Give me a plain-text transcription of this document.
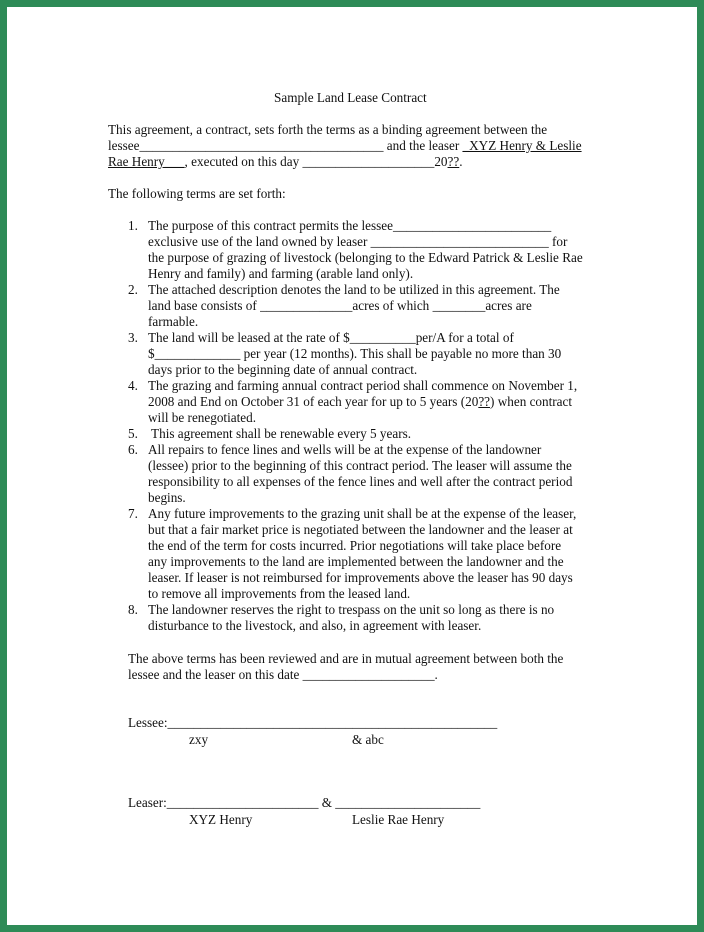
Sample Land Lease Contract
This agreement, a contract, sets forth the terms as a binding agreement between the
lessee_____________________________________ and the leaser _XYZ Henry & Leslie
Rae Henry___, executed on this day ____________________20??.
The following terms are set forth:
1. The purpose of this contract permits the lessee________________________
exclusive use of the land owned by leaser ___________________________ for
the purpose of grazing of livestock (belonging to the Edward Patrick & Leslie Rae
Henry and family) and farming (arable land only).
2. The attached description denotes the land to be utilized in this agreement. The
land base consists of ______________acres of which ________acres are
farmable.
3. The land will be leased at the rate of $__________per/A for a total of
$_____________ per year (12 months). This shall be payable no more than 30
days prior to the beginning date of annual contract.
4. The grazing and farming annual contract period shall commence on November 1,
2008 and End on October 31 of each year for up to 5 years (20??) when contract
will be renegotiated.
5. This agreement shall be renewable every 5 years.
6. All repairs to fence lines and wells will be at the expense of the landowner
(lessee) prior to the beginning of this contract period. The leaser will assume the
responsibility to all expenses of the fence lines and well after the contract period
begins.
7. Any future improvements to the grazing unit shall be at the expense of the leaser,
but that a fair market price is negotiated between the landowner and the leaser at
the end of the term for costs incurred. Prior negotiations will take place before
any improvements to the land are implemented between the landowner and the
leaser. If leaser is not reimbursed for improvements above the leaser has 90 days
to remove all improvements from the leased land.
8. The landowner reserves the right to trespass on the unit so long as there is no
disturbance to the livestock, and also, in agreement with leaser.
The above terms has been reviewed and are in mutual agreement between both the
lessee and the leaser on this date ____________________.
Lessee:__________________________________________________
zxy	& abc
Leaser:_______________________ & ______________________
XYZ Henry	Leslie Rae Henry
